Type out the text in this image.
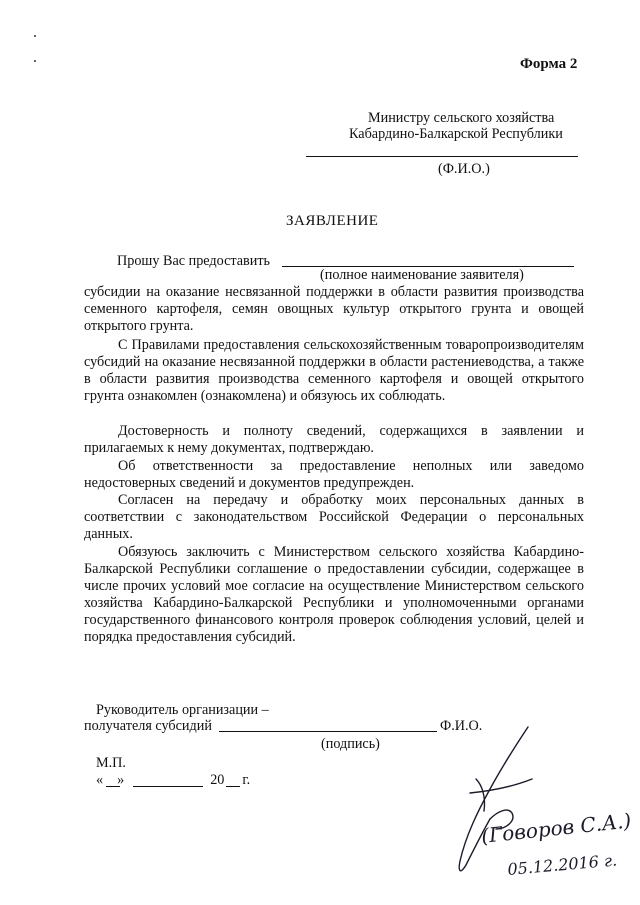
Форма 2
Министру сельского хозяйства
Кабардино-Балкарской Республики
(Ф.И.О.)
ЗАЯВЛЕНИЕ
Прошу Вас предоставить
(полное наименование заявителя)
субсидии на оказание несвязанной поддержки в области развития производства семенного картофеля, семян овощных культур открытого грунта и овощей открытого грунта.
С Правилами предоставления сельскохозяйственным товаропроизводителям субсидий на оказание несвязанной поддержки в области растениеводства, а также в области развития производства семенного картофеля и овощей открытого грунта ознакомлен (ознакомлена) и обязуюсь их соблюдать.
Достоверность и полноту сведений, содержащихся в заявлении и прилагаемых к нему документах, подтверждаю.
Об ответственности за предоставление неполных или заведомо недостоверных сведений и документов предупрежден.
Согласен на передачу и обработку моих персональных данных в соответствии с законодательством Российской Федерации о персональных данных.
Обязуюсь заключить с Министерством сельского хозяйства Кабардино-Балкарской Республики соглашение о предоставлении субсидии, содержащее в числе прочих условий мое согласие на осуществление Министерством сельского хозяйства Кабардино-Балкарской Республики и уполномоченными органами государственного финансового контроля проверок соблюдения условий, целей и порядка предоставления субсидий.
Руководитель организации –
получателя субсидий	Ф.И.О.
(подпись)
М.П.
« »	20 г.
(Говоров С.А.)
05.12.2016 г.
